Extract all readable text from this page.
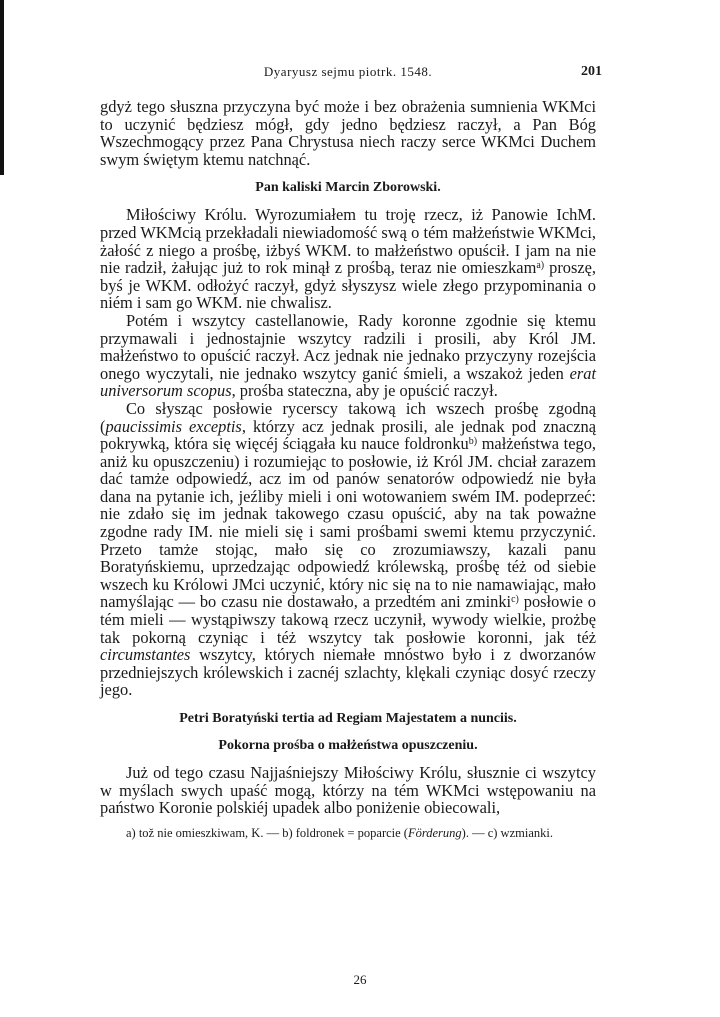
Dyaryusz sejmu piotrk. 1548.	201

gdyż tego słuszna przyczyna być może i bez obrażenia sumnienia WKMci to uczynić będziesz mógł, gdy jedno będziesz raczył, a Pan Bóg Wszechmogący przez Pana Chrystusa niech raczy serce WKMci Duchem swym świętym ktemu natchnąć.

Pan kaliski Marcin Zborowski.

Miłościwy Królu. Wyrozumiałem tu troję rzecz, iż Panowie IchM. przed WKMcią przekładali niewiadomość swą o tém małżeństwie WKMci, żałość z niego a prośbę, iżbyś WKM. to małżeństwo opuścił. I jam na nie nie radził, żałując już to rok minął z prośbą, teraz nie omieszkam$^{a)}$ proszę, byś je WKM. odłożyć raczył, gdyż słyszysz wiele złego przypominania o niém i sam go WKM. nie chwalisz.

Potém i wszytcy castellanowie, Rady koronne zgodnie się ktemu przymawali i jednostajnie wszytcy radzili i prosili, aby Król JM. małżeństwo to opuścić raczył. Acz jednak nie jednako przyczyny rozejścia onego wyczytali, nie jednako wszytcy ganić śmieli, a wszakoż jeden erat universorum scopus, prośba stateczna, aby je opuścić raczył.

Co słysząc posłowie rycerscy takową ich wszech prośbę zgodną (paucissimis exceptis, którzy acz jednak prosili, ale jednak pod znaczną pokrywką, która się więcéj ściągała ku nauce foldronku$^{b)}$ małżeństwa tego, aniż ku opuszczeniu) i rozumiejąc to posłowie, iż Król JM. chciał zarazem dać tamże odpowiedź, acz im od panów senatorów odpowiedź nie była dana na pytanie ich, jeźliby mieli i oni wotowaniem swém IM. podeprzeć: nie zdało się im jednak takowego czasu opuścić, aby na tak poważne zgodne rady IM. nie mieli się i sami prośbami swemi ktemu przyczynić. Przeto tamże stojąc, mało się co zrozumiawszy, kazali panu Boratyńskiemu, uprzedzając odpowiedź królewską, prośbę téż od siebie wszech ku Królowi JMci uczynić, który nic się na to nie namawiając, mało namyślając — bo czasu nie dostawało, a przedtém ani zminki$^{c)}$ posłowie o tém mieli — wystąpiwszy takową rzecz uczynił, wywody wielkie, prożbę tak pokorną czyniąc i téż wszytcy tak posłowie koronni, jak téż circumstantes wszytcy, których niemałe mnóstwo było i z dworzanów przedniejszych królewskich i zacnéj szlachty, klękali czyniąc dosyć rzeczy jego.

Petri Boratyński tertia ad Regiam Majestatem a nunciis.
Pokorna prośba o małżeństwa opuszczeniu.

Już od tego czasu Najjaśniejszy Miłościwy Królu, słusznie ci wszytcy w myślach swych upaść mogą, którzy na tém WKMci wstępowaniu na państwo Koronie polskiéj upadek albo poniżenie obiecowali,

a) tož nie omieszkiwam, K. — b) foldronek = poparcie (Förderung). — c) wzmianki.
26
